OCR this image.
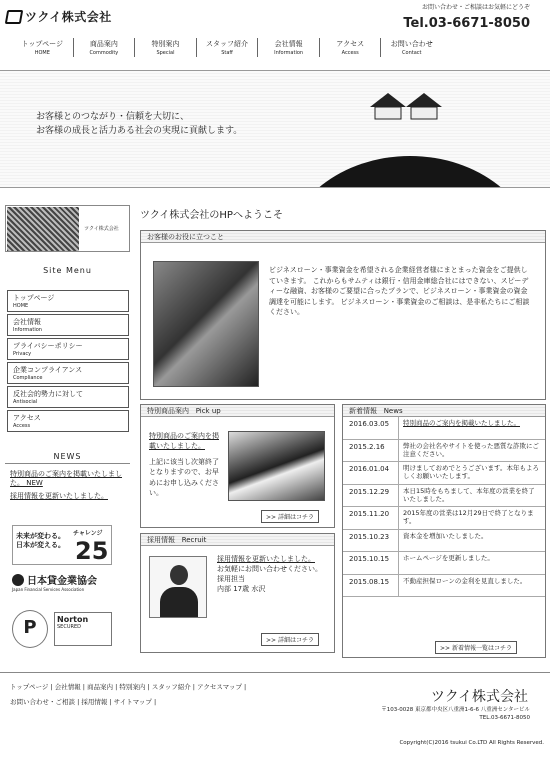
ツクイ株式会社
お問い合わせ・ご相談はお気軽にどうぞ
Tel.03-6671-8050
トップページ
HOME
商品案内
Commodity
特別案内
Special
スタッフ紹介
Staff
会社情報
Information
アクセス
Access
お問い合わせ
Contact
お客様とのつながり・信頼を大切に、
お客様の成長と活力ある社会の実現に貢献します。
ツクイ株式会社
Site Menu
トップページ
HOME
会社情報
Information
プライバシーポリシー
Privacy
企業コンプライアンス
Compliance
反社会的勢力に対して
Antisocial
アクセス
Access
NEWS
特別商品のご案内を掲載いたしました。 NEW
採用情報を更新いたしました。
未来が変わる。
日本が変える。
チャレンジ
25
日本貸金業協会
Japan Financial Services Association
P	Norton
SECURED
ツクイ株式会社のHPへようこそ
お客様のお役に立つこと
ビジネスローン・事業資金を希望される企業経営者様にまとまった資金をご提供していきます。 これからもサムティは銀行・信用金庫総合社にはできない、スピーディーな融資、お客様のご要望に合ったプランで、ビジネスローン・事業資金の資金調達を可能にします。 ビジネスローン・事業資金のご相談は、是非私たちにご相談ください。
特別商品案内 Pick up
特別商品のご案内を掲載いたしました。
上記に该当し次第終了となりますので、お早めにお申し込みください。
>> 詳細はコチラ
採用情報 Recruit
採用情報を更新いたしました。
お気軽にお問い合わせください。
採用担当
内部 17歳 水沢
>> 詳細はコチラ
新着情報 News
2016.03.05	特別商品のご案内を掲載いたしました。
2015.2.16	弊社の会社名やサイトを使った悪質な詐欺にご注意ください。
2016.01.04	明けましておめでとうございます。本年もよろしくお願いいたします。
2015.12.29	本日15時をもちまして、本年度の営業を終了いたしました。
2015.11.20	2015年度の営業は12月29日で終了となります。
2015.10.23	資本金を増加いたしました。
2015.10.15	ホームページを更新しました。
2015.08.15	不動産担保ローンの金利を見直しました。
>> 新着情報一覧はコチラ
トップページ | 会社情報 | 商品案内 | 特別案内 | スタッフ紹介 | アクセスマップ |
お問い合わせ・ご相談 | 採用情報 | サイトマップ |	ツクイ株式会社
〒103-0028 東京都中央区八重洲1-6-6 八重洲センタービル
TEL.03-6671-8050
Copyright(C)2016 tsukui Co.LTD All Rights Reserved.
